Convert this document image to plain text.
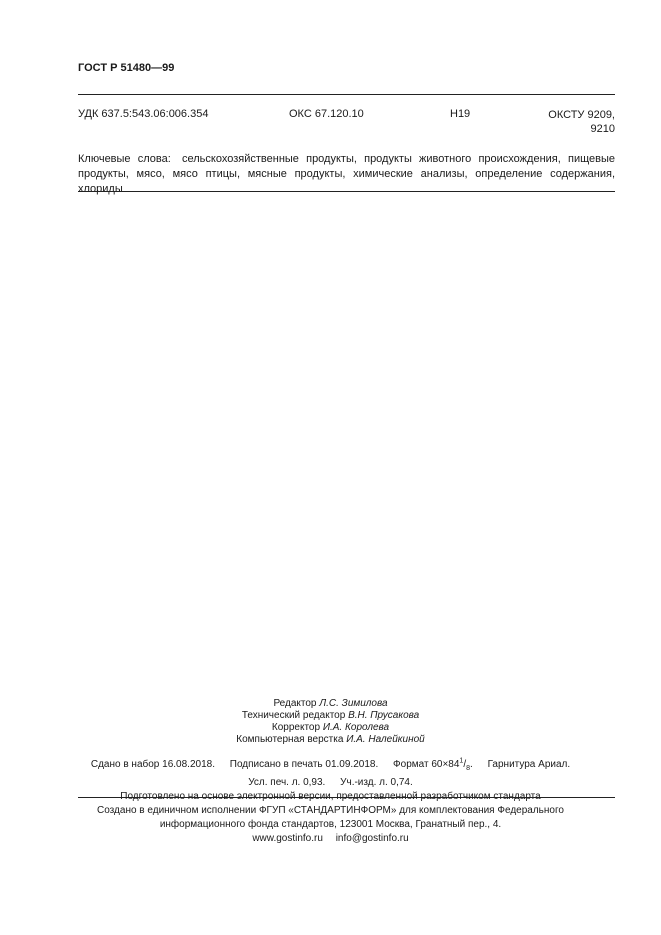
ГОСТ Р 51480—99
УДК 637.5:543.06:006.354	ОКС 67.120.10	Н19	ОКСТУ 9209,
9210
Ключевые слова: сельскохозяйственные продукты, продукты животного происхождения, пищевые продукты, мясо, мясо птицы, мясные продукты, химические анализы, определение содержания, хлориды
Редактор Л.С. Зимилова
Технический редактор В.Н. Прусакова
Корректор И.А. Королева
Компьютерная верстка И.А. Налейкиной
Сдано в набор 16.08.2018. Подписано в печать 01.09.2018. Формат $60\times 84^1/_8$. Гарнитура Ариал.
Усл. печ. л. 0,93. Уч.-изд. л. 0,74.
Подготовлено на основе электронной версии, предоставленной разработчиком стандарта
Создано в единичном исполнении ФГУП «СТАНДАРТИНФОРМ» для комплектования Федерального
информационного фонда стандартов, 123001 Москва, Гранатный пер., 4.
www.gostinfo.ru info@gostinfo.ru
